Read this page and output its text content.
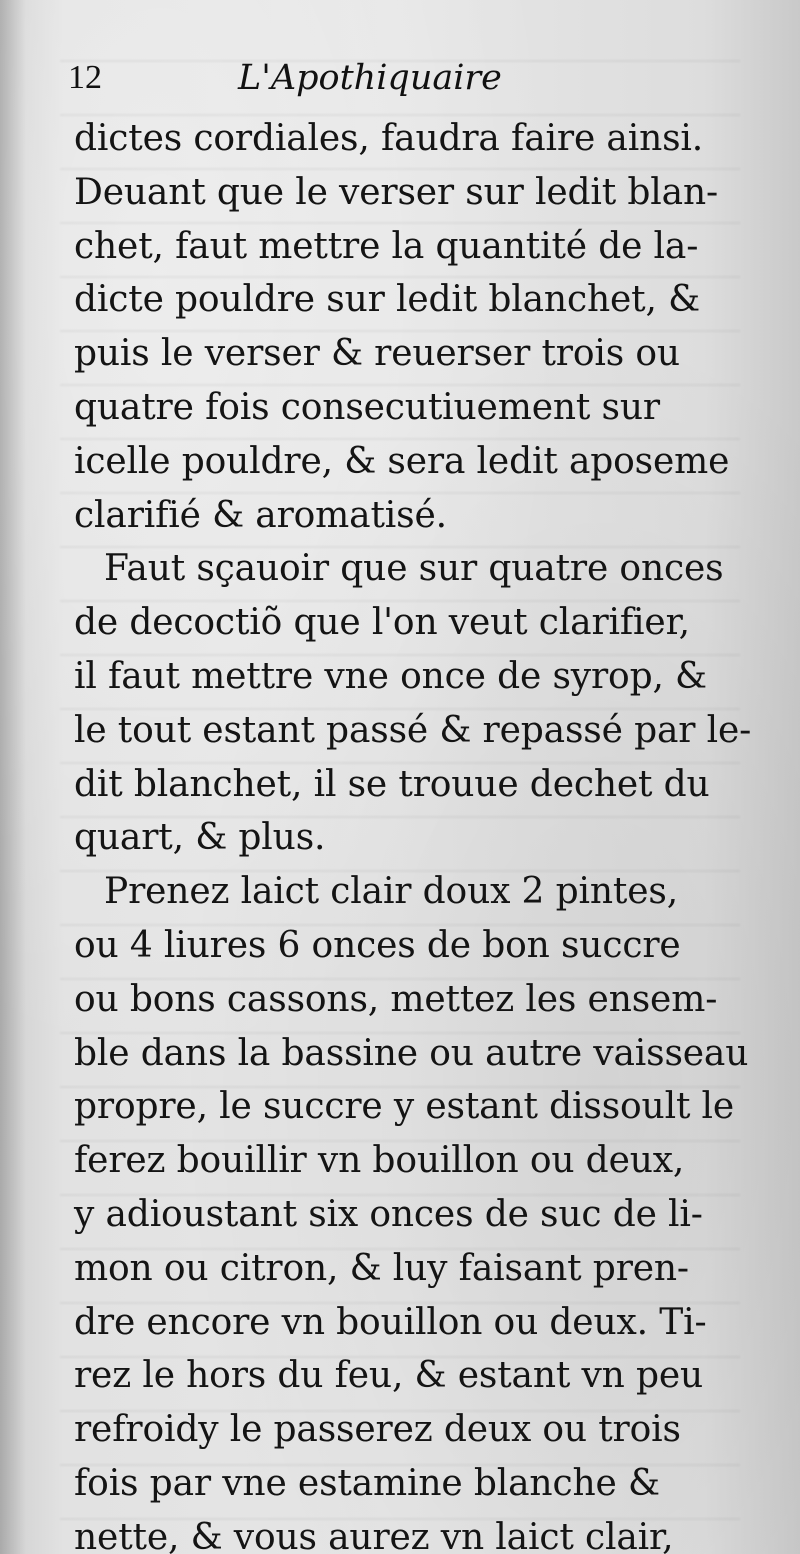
12	L'Apothiquaire
dictes cordiales, faudra faire ainsi.
Deuant que le verser sur ledit blan-
chet, faut mettre la quantité de la-
dicte pouldre sur ledit blanchet, &
puis le verser & reuerser trois ou
quatre fois consecutiuement sur
icelle pouldre, & sera ledit aposeme
clarifié & aromatisé.
Faut sçauoir que sur quatre onces
de decoctiõ que l'on veut clarifier,
il faut mettre vne once de syrop, &
le tout estant passé & repassé par le-
dit blanchet, il se trouue dechet du
quart, & plus.
Prenez laict clair doux 2 pintes,
ou 4 liures 6 onces de bon succre
ou bons cassons, mettez les ensem-
ble dans la bassine ou autre vaisseau
propre, le succre y estant dissoult le
ferez bouillir vn bouillon ou deux,
y adioustant six onces de suc de li-
mon ou citron, & luy faisant pren-
dre encore vn bouillon ou deux. Ti-
rez le hors du feu, & estant vn peu
refroidy le passerez deux ou trois
fois par vne estamine blanche &
nette, & vous aurez vn laict clair,
